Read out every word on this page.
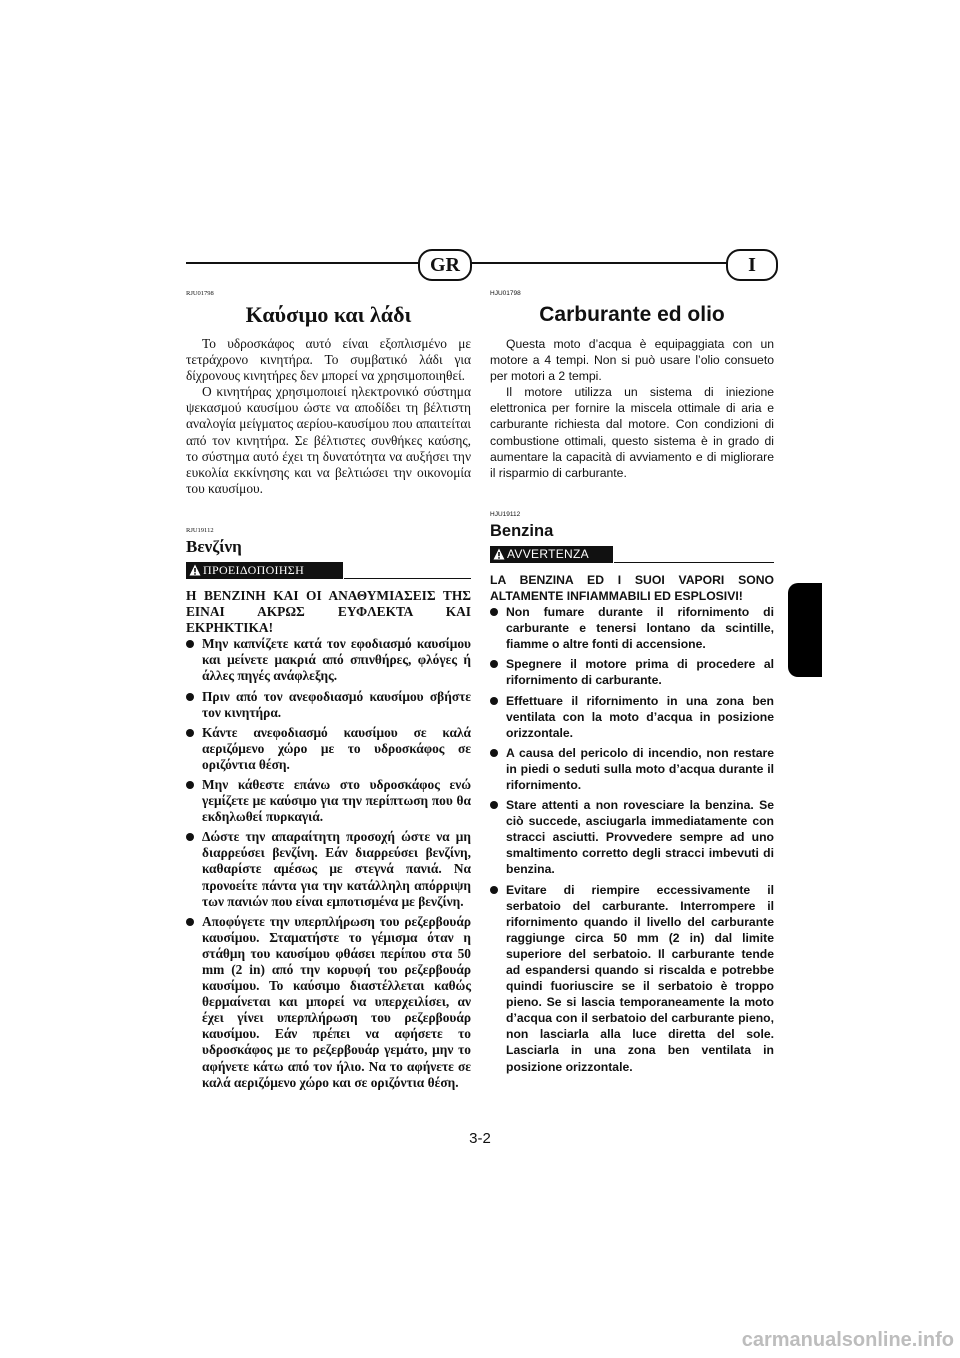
GR	I
RJU01798
Καύσιμο και λάδι

Το υδροσκάφος αυτό είναι εξοπλισμένο με τετράχρονο κινητήρα. Το συμβατικό λάδι για δίχρονους κινητήρες δεν μπορεί να χρησιμοποιηθεί.

Ο κινητήρας χρησιμοποιεί ηλεκτρονικό σύστημα ψεκασμού καυσίμου ώστε να αποδίδει τη βέλτιστη αναλογία μείγματος αερίου-καυσίμου που απαιτείται από τον κινητήρα. Σε βέλτιστες συνθήκες καύσης, το σύστημα αυτό έχει τη δυνατότητα να αυξήσει την ευκολία εκκίνησης και να βελτιώσει την οικονομία του καυσίμου.

RJU19112
Βενζίνη
ΠΡΟΕΙΔΟΠΟΙΗΣΗ

Η ΒΕΝΖΙΝΗ ΚΑΙ ΟΙ ΑΝΑΘΥΜΙΑΣΕΙΣ ΤΗΣ ΕΙΝΑΙ ΑΚΡΩΣ ΕΥΦΛΕΚΤΑ ΚΑΙ ΕΚΡΗΚΤΙΚΑ!

Μην καπνίζετε κατά τον εφοδιασμό καυσίμου και μείνετε μακριά από σπινθήρες, φλόγες ή άλλες πηγές ανάφλεξης.
Πριν από τον ανεφοδιασμό καυσίμου σβήστε τον κινητήρα.
Κάντε ανεφοδιασμό καυσίμου σε καλά αεριζόμενο χώρο με το υδροσκάφος σε οριζόντια θέση.
Μην κάθεστε επάνω στο υδροσκάφος ενώ γεμίζετε με καύσιμο για την περίπτωση που θα εκδηλωθεί πυρκαγιά.
Δώστε την απαραίτητη προσοχή ώστε να μη διαρρεύσει βενζίνη. Εάν διαρρεύσει βενζίνη, καθαρίστε αμέσως με στεγνά πανιά. Να προνοείτε πάντα για την κατάλληλη απόρριψη των πανιών που είναι εμποτισμένα με βενζίνη.
Αποφύγετε την υπερπλήρωση του ρεζερβουάρ καυσίμου. Σταματήστε το γέμισμα όταν η στάθμη του καυσίμου φθάσει περίπου στα 50 mm (2 in) από την κορυφή του ρεζερβουάρ καυσίμου. Το καύσιμο διαστέλλεται καθώς θερμαίνεται και μπορεί να υπερχειλίσει, αν έχει γίνει υπερπλήρωση του ρεζερβουάρ καυσίμου. Εάν πρέπει να αφήσετε το υδροσκάφος με το ρεζερβουάρ γεμάτο, μην το αφήνετε κάτω από τον ήλιο. Να το αφήνετε σε καλά αεριζόμενο χώρο και σε οριζόντια θέση.
HJU01798
Carburante ed olio

Questa moto d’acqua è equipaggiata con un motore a 4 tempi. Non si può usare l’olio consueto per motori a 2 tempi.

Il motore utilizza un sistema di iniezione elettronica per fornire la miscela ottimale di aria e carburante richiesta dal motore. Con condizioni di combustione ottimali, questo sistema è in grado di aumentare la capacità di avviamento e di migliorare il risparmio di carburante.

HJU19112
Benzina
AVVERTENZA

LA BENZINA ED I SUOI VAPORI SONO ALTAMENTE INFIAMMABILI ED ESPLOSIVI!

Non fumare durante il rifornimento di carburante e tenersi lontano da scintille, fiamme o altre fonti di accensione.
Spegnere il motore prima di procedere al rifornimento di carburante.
Effettuare il rifornimento in una zona ben ventilata con la moto d’acqua in posizione orizzontale.
A causa del pericolo di incendio, non restare in piedi o seduti sulla moto d’acqua durante il rifornimento.
Stare attenti a non rovesciare la benzina. Se ciò succede, asciugarla immediatamente con stracci asciutti. Provvedere sempre ad uno smaltimento corretto degli stracci imbevuti di benzina.
Evitare di riempire eccessivamente il serbatoio del carburante. Interrompere il rifornimento quando il livello del carburante raggiunge circa 50 mm (2 in) dal limite superiore del serbatoio. Il carburante tende ad espandersi quando si riscalda e potrebbe quindi fuoriuscire se il serbatoio è troppo pieno. Se si lascia temporaneamente la moto d’acqua con il serbatoio del carburante pieno, non lasciarla alla luce diretta del sole. Lasciarla in una zona ben ventilata in posizione orizzontale.
3-2
carmanualsonline.info
